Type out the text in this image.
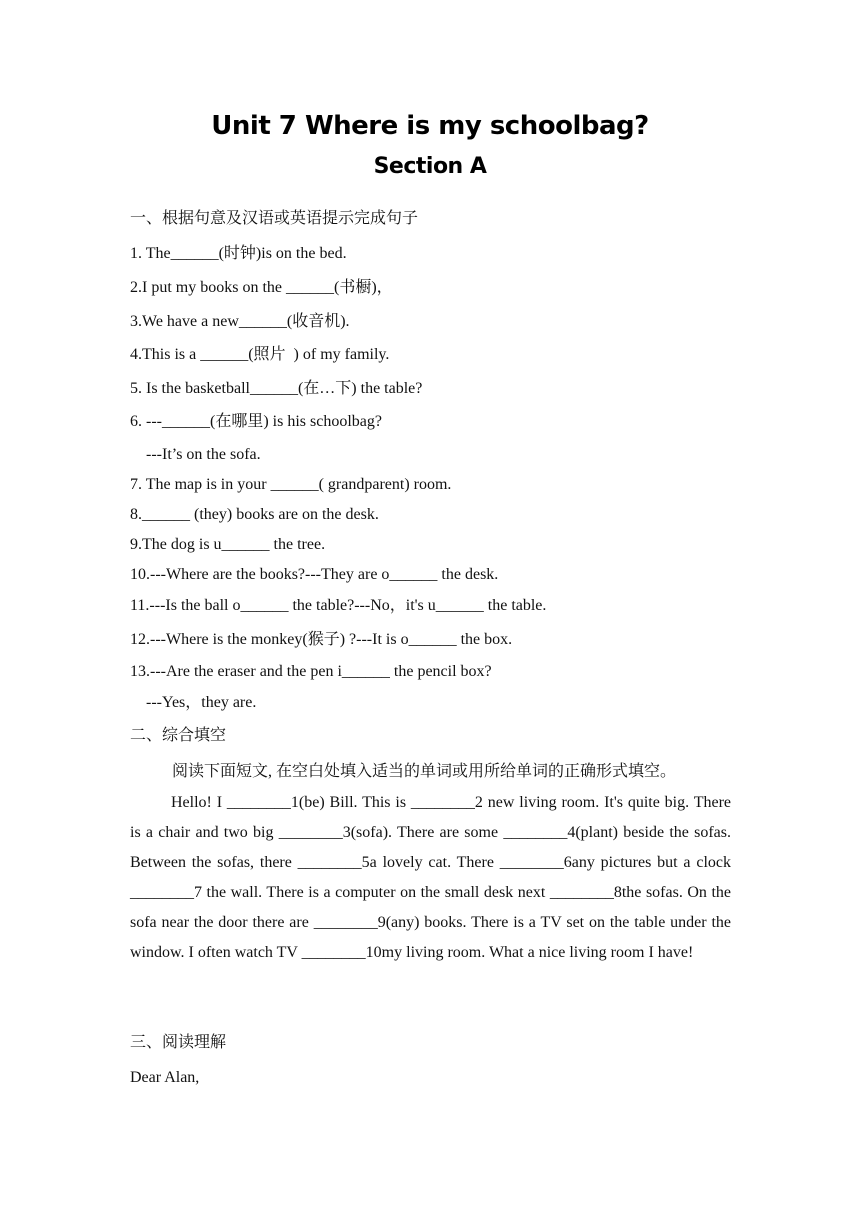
Unit 7 Where is my schoolbag?
Section A
一、根据句意及汉语或英语提示完成句子
1. The______(时钟)is on the bed.
2.I put my books on the ______(书橱)，
3.We have a new______(收音机).
4.This is a ______(照片  ) of my family.
5. Is the basketball______(在…下) the table?
6. ---______(在哪里) is his schoolbag?
---It’s on the sofa.
7. The map is in your ______( grandparent) room.
8.______ (they) books are on the desk.
9.The dog is u______ the tree.
10.---Where are the books?---They are o______ the desk.
11.---Is the ball o______ the table?---No，it's u______ the table.
12.---Where is the monkey(猴子) ?---It is o______ the box.
13.---Are the eraser and the pen i______ the pencil box?
---Yes，they are.
二、综合填空
阅读下面短文, 在空白处填入适当的单词或用所给单词的正确形式填空。
Hello! I ________1(be) Bill. This is ________2 new living room. It's quite big. There is a chair and two big ________3(sofa). There are some ________4(plant) beside the sofas. Between the sofas, there ________5a lovely cat. There ________6any pictures but a clock ________7 the wall. There is a computer on the small desk next ________8the sofas. On the sofa near the door there are ________9(any) books. There is a TV set on the table under the window. I often watch TV ________10my living room. What a nice living room I have!
三、阅读理解
Dear Alan,
